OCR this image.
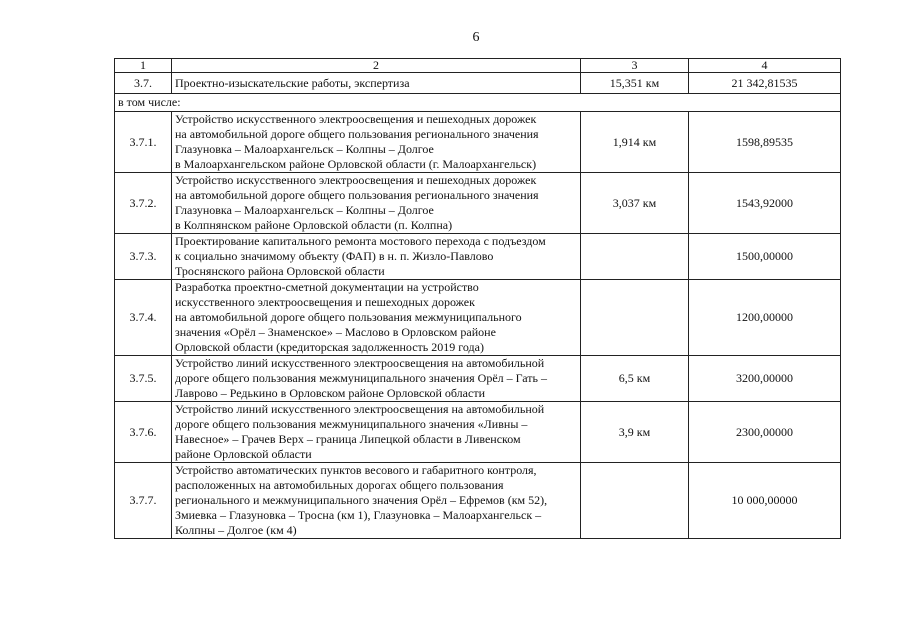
6
1	2	3	4
3.7.	Проектно-изыскательские работы, экспертиза	15,351 км	21 342,81535
в том числе:			
3.7.1.	Устройство искусственного электроосвещения и пешеходных дорожек
на автомобильной дороге общего пользования регионального значения
Глазуновка – Малоархангельск – Колпны – Долгое
в Малоархангельском районе Орловской области (г. Малоархангельск)	1,914 км	1598,89535
3.7.2.	Устройство искусственного электроосвещения и пешеходных дорожек
на автомобильной дороге общего пользования регионального значения
Глазуновка – Малоархангельск – Колпны – Долгое
в Колпнянском районе Орловской области (п. Колпна)	3,037 км	1543,92000
3.7.3.	Проектирование капитального ремонта мостового перехода с подъездом
к социально значимому объекту (ФАП) в н. п. Жизло-Павлово
Троснянского района Орловской области		1500,00000
3.7.4.	Разработка проектно-сметной документации на устройство
искусственного электроосвещения и пешеходных дорожек
на автомобильной дороге общего пользования межмуниципального
значения «Орёл – Знаменское» – Маслово в Орловском районе
Орловской области (кредиторская задолженность 2019 года)		1200,00000
3.7.5.	Устройство линий искусственного электроосвещения на автомобильной
дороге общего пользования межмуниципального значения Орёл – Гать –
Лаврово – Редькино в Орловском районе Орловской области	6,5 км	3200,00000
3.7.6.	Устройство линий искусственного электроосвещения на автомобильной
дороге общего пользования межмуниципального значения «Ливны –
Навесное» – Грачев Верх – граница Липецкой области в Ливенском
районе Орловской области	3,9 км	2300,00000
3.7.7.	Устройство автоматических пунктов весового и габаритного контроля,
расположенных на автомобильных дорогах общего пользования
регионального и межмуниципального значения Орёл – Ефремов (км 52),
Змиевка – Глазуновка – Тросна (км 1), Глазуновка – Малоархангельск –
Колпны – Долгое (км 4)		10 000,00000
